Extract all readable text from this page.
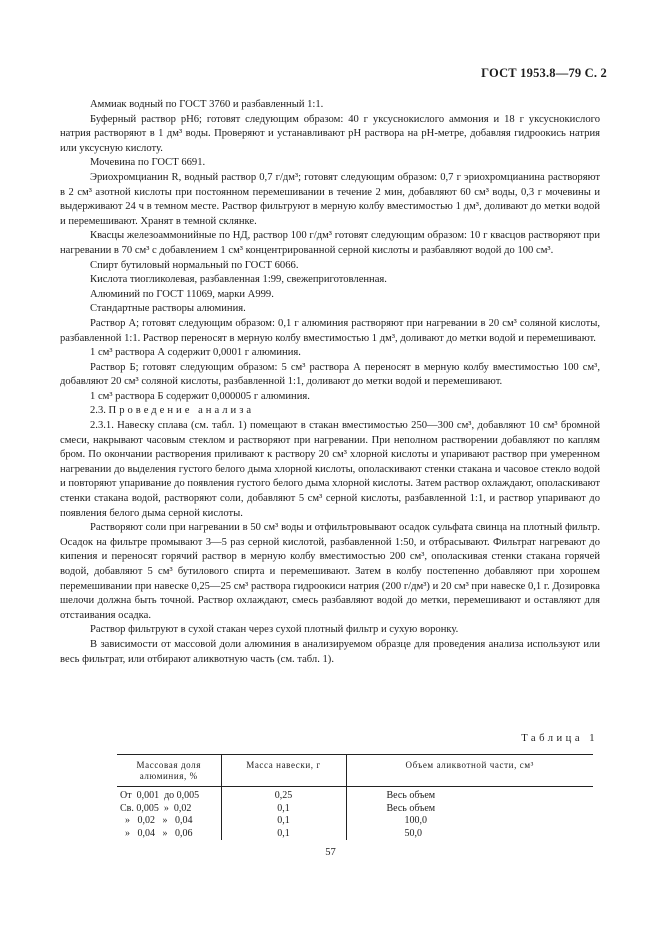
ГОСТ 1953.8—79 С. 2

Аммиак водный по ГОСТ 3760 и разбавленный 1:1.

Буферный раствор рН6; готовят следующим образом: 40 г уксуснокислого аммония и 18 г уксуснокислого натрия растворяют в 1 дм³ воды. Проверяют и устанавливают рН раствора на рН-метре, добавляя гидроокись натрия или уксусную кислоту.

Мочевина по ГОСТ 6691.

Эриохромцианин R, водный раствор 0,7 г/дм³; готовят следующим образом: 0,7 г эриохромцианина растворяют в 2 см³ азотной кислоты при постоянном перемешивании в течение 2 мин, добавляют 60 см³ воды, 0,3 г мочевины и выдерживают 24 ч в темном месте. Раствор фильтруют в мерную колбу вместимостью 1 дм³, доливают до метки водой и перемешивают. Хранят в темной склянке.

Квасцы железоаммонийные по НД, раствор 100 г/дм³ готовят следующим образом: 10 г квасцов растворяют при нагревании в 70 см³ с добавлением 1 см³ концентрированной серной кислоты и разбавляют водой до 100 см³.

Спирт бутиловый нормальный по ГОСТ 6066.

Кислота тиогликолевая, разбавленная 1:99, свежеприготовленная.

Алюминий по ГОСТ 11069, марки А999.

Стандартные растворы алюминия.

Раствор А; готовят следующим образом: 0,1 г алюминия растворяют при нагревании в 20 см³ соляной кислоты, разбавленной 1:1. Раствор переносят в мерную колбу вместимостью 1 дм³, доливают до метки водой и перемешивают.

1 см³ раствора А содержит 0,0001 г алюминия.

Раствор Б; готовят следующим образом: 5 см³ раствора А переносят в мерную колбу вместимостью 100 см³, добавляют 20 см³ соляной кислоты, разбавленной 1:1, доливают до метки водой и перемешивают.

1 см³ раствора Б содержит 0,000005 г алюминия.

2.3. Проведение анализа

2.3.1. Навеску сплава (см. табл. 1) помещают в стакан вместимостью 250—300 см³, добавляют 10 см³ бромной смеси, накрывают часовым стеклом и растворяют при нагревании. При неполном растворении добавляют по каплям бром. По окончании растворения приливают к раствору 20 см³ хлорной кислоты и упаривают раствор при умеренном нагревании до выделения густого белого дыма хлорной кислоты, ополаскивают стенки стакана и часовое стекло водой и повторяют упаривание до появления густого белого дыма хлорной кислоты. Затем раствор охлаждают, ополаскивают стенки стакана водой, растворяют соли, добавляют 5 см³ серной кислоты, разбавленной 1:1, и раствор упаривают до появления белого дыма серной кислоты.

Растворяют соли при нагревании в 50 см³ воды и отфильтровывают осадок сульфата свинца на плотный фильтр. Осадок на фильтре промывают 3—5 раз серной кислотой, разбавленной 1:50, и отбрасывают. Фильтрат нагревают до кипения и переносят горячий раствор в мерную колбу вместимостью 200 см³, ополаскивая стенки стакана горячей водой, добавляют 5 см³ бутилового спирта и перемешивают. Затем в колбу постепенно добавляют при хорошем перемешивании при навеске 0,25—25 см³ раствора гидроокиси натрия (200 г/дм³) и 20 см³ при навеске 0,1 г. Дозировка шелочи должна быть точной. Раствор охлаждают, смесь разбавляют водой до метки, перемешивают и оставляют для отстаивания осадка.

Раствор фильтруют в сухой стакан через сухой плотный фильтр и сухую воронку.

В зависимости от массовой доли алюминия в анализируемом образце для проведения анализа используют или весь фильтрат, или отбирают аликвотную часть (см. табл. 1).

Таблица 1
Массовая доля алюминия, %	Масса навески, г	Объем аликвотной части, см³
От  0,001  до 0,005	0,25	Весь объем
Св. 0,005  »  0,02	0,1	Весь объем
»   0,02   »   0,04	0,1	100,0
»   0,04   »   0,06	0,1	50,0
57
